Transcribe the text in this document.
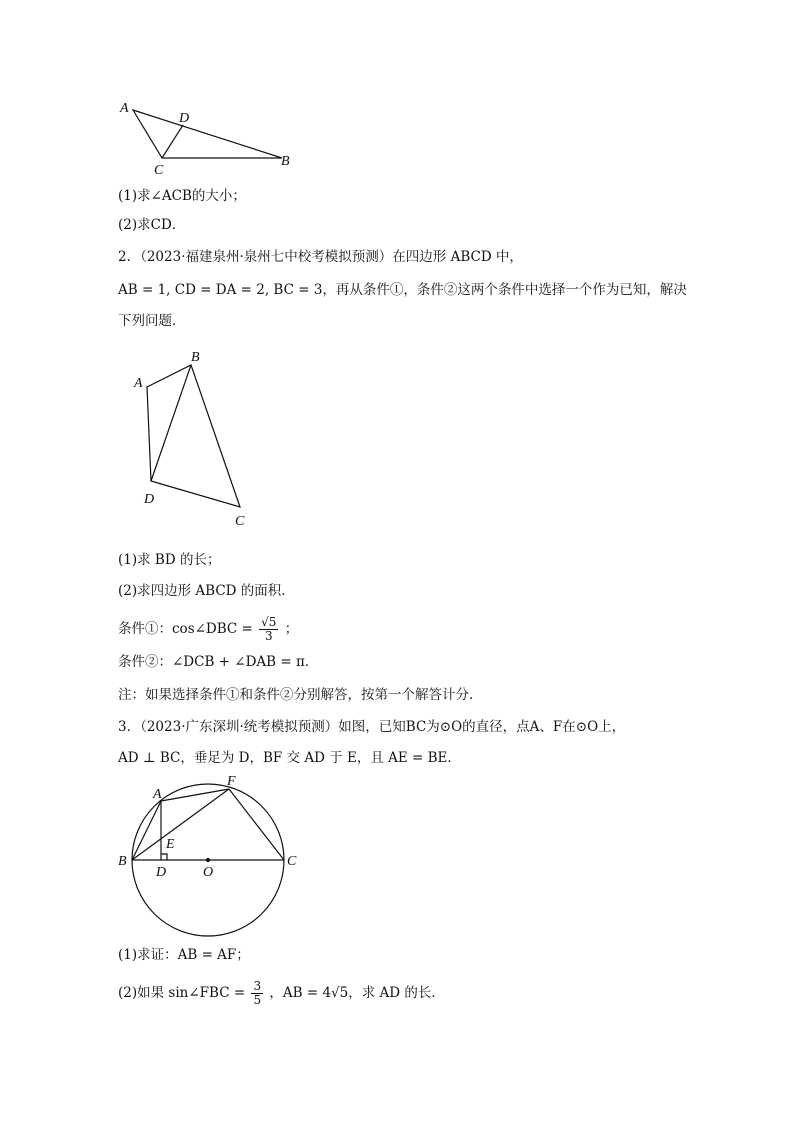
A
D
C
B
(1)求∠ACB的大小；
(2)求CD．
2．（2023·福建泉州·泉州七中校考模拟预测）在四边形 ABCD 中，
AB = 1, CD = DA = 2, BC = 3，再从条件①，条件②这两个条件中选择一个作为已知，解决
下列问题．
A
B
D
C
(1)求 BD 的长；
(2)求四边形 ABCD 的面积．
条件①：cos∠DBC = $\frac{√5}{3}$ ；
条件②：∠DCB + ∠DAB = π．
注：如果选择条件①和条件②分别解答，按第一个解答计分．
3．（2023·广东深圳·统考模拟预测）如图，已知BC为⊙O的直径，点A、F在⊙O上，
AD ⊥ BC，垂足为 D，BF 交 AD 于 E，且 AE = BE．
A
F
E
B	C
D	O
(1)求证：AB = AF；
(2)如果 sin∠FBC = $\frac{3}{5}$ ，AB = 4√5，求 AD 的长．
